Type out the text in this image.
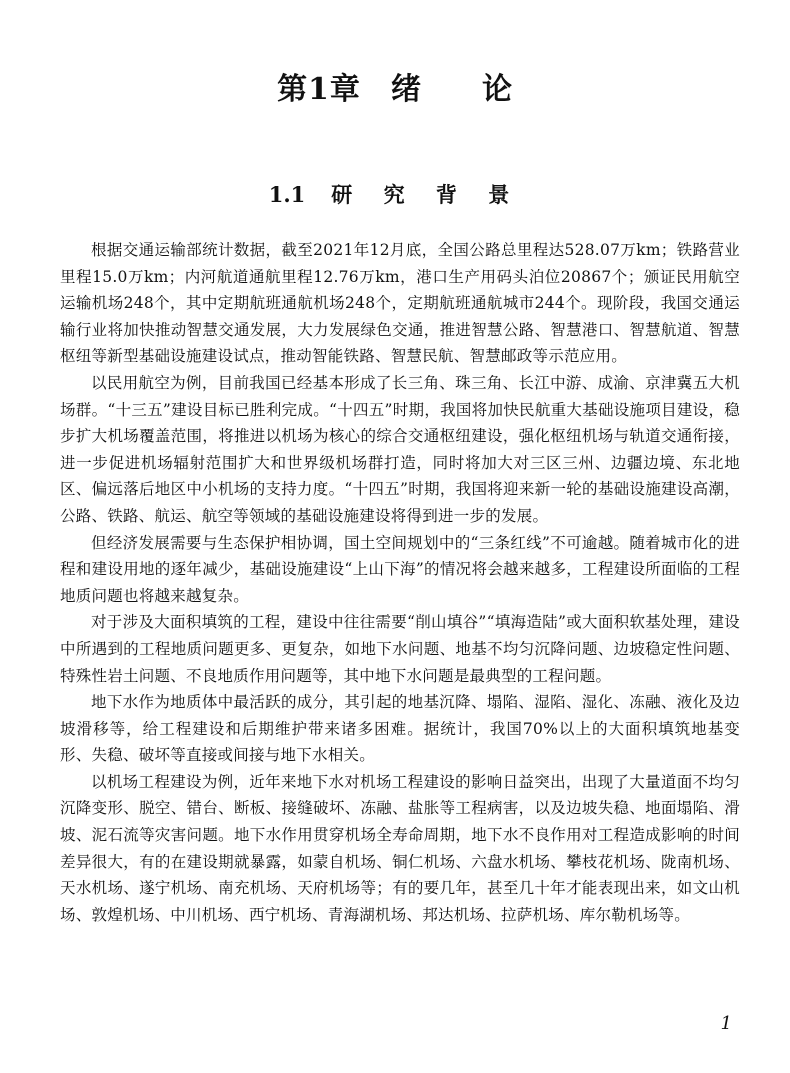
第1章 绪 论
1.1 研 究 背 景

根据交通运输部统计数据，截至2021年12月底，全国公路总里程达528.07万km；铁路营业里程15.0万km；内河航道通航里程12.76万km，港口生产用码头泊位20867个；颁证民用航空运输机场248个，其中定期航班通航机场248个，定期航班通航城市244个。现阶段，我国交通运输行业将加快推动智慧交通发展，大力发展绿色交通，推进智慧公路、智慧港口、智慧航道、智慧枢纽等新型基础设施建设试点，推动智能铁路、智慧民航、智慧邮政等示范应用。

以民用航空为例，目前我国已经基本形成了长三角、珠三角、长江中游、成渝、京津冀五大机场群。“十三五”建设目标已胜利完成。“十四五”时期，我国将加快民航重大基础设施项目建设，稳步扩大机场覆盖范围，将推进以机场为核心的综合交通枢纽建设，强化枢纽机场与轨道交通衔接，进一步促进机场辐射范围扩大和世界级机场群打造，同时将加大对三区三州、边疆边境、东北地区、偏远落后地区中小机场的支持力度。“十四五”时期，我国将迎来新一轮的基础设施建设高潮，公路、铁路、航运、航空等领域的基础设施建设将得到进一步的发展。

但经济发展需要与生态保护相协调，国土空间规划中的“三条红线”不可逾越。随着城市化的进程和建设用地的逐年减少，基础设施建设“上山下海”的情况将会越来越多，工程建设所面临的工程地质问题也将越来越复杂。

对于涉及大面积填筑的工程，建设中往往需要“削山填谷”“填海造陆”或大面积软基处理，建设中所遇到的工程地质问题更多、更复杂，如地下水问题、地基不均匀沉降问题、边坡稳定性问题、特殊性岩土问题、不良地质作用问题等，其中地下水问题是最典型的工程问题。

地下水作为地质体中最活跃的成分，其引起的地基沉降、塌陷、湿陷、湿化、冻融、液化及边坡滑移等，给工程建设和后期维护带来诸多困难。据统计，我国70%以上的大面积填筑地基变形、失稳、破坏等直接或间接与地下水相关。

以机场工程建设为例，近年来地下水对机场工程建设的影响日益突出，出现了大量道面不均匀沉降变形、脱空、错台、断板、接缝破坏、冻融、盐胀等工程病害，以及边坡失稳、地面塌陷、滑坡、泥石流等灾害问题。地下水作用贯穿机场全寿命周期，地下水不良作用对工程造成影响的时间差异很大，有的在建设期就暴露，如蒙自机场、铜仁机场、六盘水机场、攀枝花机场、陇南机场、天水机场、遂宁机场、南充机场、天府机场等；有的要几年，甚至几十年才能表现出来，如文山机场、敦煌机场、中川机场、西宁机场、青海湖机场、邦达机场、拉萨机场、库尔勒机场等。

1
